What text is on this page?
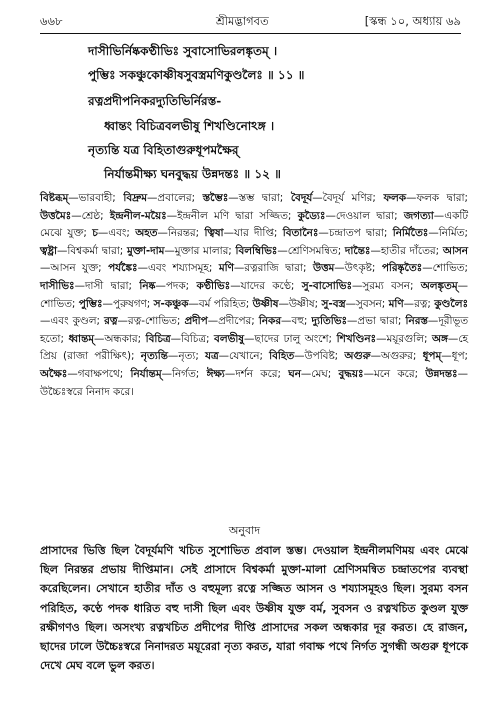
৬৬৮	শ্রীমদ্ভাগবত	[স্কন্ধ ১০, অধ্যায় ৬৯
দাসীভির্নিষ্ককণ্ঠীভিঃ সুবাসোভিরলঙ্কৃতম্ ।
পুম্ভিঃ সকঞ্চুকোষ্ণীষসুবস্ত্রমণিকুণ্ডলৈঃ ॥ ১১ ॥
রত্নপ্রদীপনিকরদ্যুতিভির্নিরস্ত-
ধ্বান্তং বিচিত্রবলভীষু শিখণ্ডিনোঽঙ্গ ।
নৃত্যন্তি যত্র বিহিতাগুরুধূপমক্ষৈর্
নির্যান্তমীক্ষ্য ঘনবুদ্ধয় উন্নদন্তঃ ॥ ১২ ॥
বিষ্টব্ধম্—ভারবাহী; বিদ্রুম—প্রবালের; স্তম্ভৈঃ—স্তম্ভ দ্বারা; বৈদূর্য—বৈদূর্য মণির; ফলক—ফলক দ্বারা; উত্তমৈঃ—শ্রেষ্ঠ; ইন্দ্রনীল-ময়ৈঃ—ইন্দ্রনীল মণি দ্বারা সজ্জিত; কুড্যৈঃ—দেওয়াল দ্বারা; জগত্যা—একটি মেঝে যুক্ত; চ—এবং; অহত—নিরন্তর; ত্বিষা—যার দীপ্তি; বিতানৈঃ—চন্দ্রাতপ দ্বারা; নির্মিতৈঃ—নির্মিত; ত্বষ্ট্রা—বিশ্বকর্মা দ্বারা; মুক্তা-দাম—মুক্তার মালার; বিলম্বিভিঃ—শ্রেণিসমন্বিত; দান্তৈঃ—হাতীর দাঁতের; আসন—আসন যুক্ত; পর্যঙ্কৈঃ—এবং শয্যাসমূহ; মণি—রত্নরাজি দ্বারা; উত্তম—উৎকৃষ্ট; পরিষ্কৃতৈঃ—শোভিত; দাসীভিঃ—দাসী দ্বারা; নিষ্ক—পদক; কণ্ঠীভিঃ—যাদের কণ্ঠে; সু-বাসোভিঃ—সুরম্য বসন; অলঙ্কৃতম্—শোভিত; পুম্ভিঃ—পুরুষগণ; স-কঞ্চুক—বর্ম পরিহিত; উষ্ণীষ—উষ্ণীষ; সু-বস্ত্র—সুবসন; মণি—রত্ন; কুণ্ডলৈঃ—এবং কুণ্ডল; রত্ন—রত্ন-শোভিত; প্রদীপ—প্রদীপের; নিকর—বহু; দ্যুতিভিঃ—প্রভা দ্বারা; নিরস্ত—দূরীভূত হতো; ধ্বান্তম্—অন্ধকার; বিচিত্র—বিচিত্র; বলভীষু—ছাদের ঢালু অংশে; শিখণ্ডিনঃ—ময়ূরগুলি; অঙ্গ—হে প্রিয় (রাজা পরীক্ষিৎ); নৃত্যন্তি—নৃত্য; যত্র—যেখানে; বিহিত—উপবিষ্ট; অগুরু—অগুরুর; ধূপম্—ধূপ; অক্ষৈঃ—গবাক্ষপথে; নির্যান্তম্—নির্গত; ঈক্ষ্য—দর্শন করে; ঘন—মেঘ; বুদ্ধয়ঃ—মনে করে; উন্নদন্তঃ—উচ্চৈঃস্বরে নিনাদ করে।
অনুবাদ
প্রাসাদের ভিত্তি ছিল বৈদূর্যমণি খচিত সুশোভিত প্রবাল স্তম্ভ। দেওয়াল ইন্দ্রনীলমণিময় এবং মেঝে ছিল নিরন্তর প্রভায় দীপ্তিমান। সেই প্রাসাদে বিশ্বকর্মা মুক্তা-মালা শ্রেণিসমন্বিত চন্দ্রাতপের ব্যবস্থা করেছিলেন। সেখানে হাতীর দাঁত ও বহুমূল্য রত্নে সজ্জিত আসন ও শয্যাসমূহও ছিল। সুরম্য বসন পরিহিত, কণ্ঠে পদক ধারিত বহু দাসী ছিল এবং উষ্ণীষ যুক্ত বর্ম, সুবসন ও রত্নখচিত কুণ্ডল যুক্ত রক্ষীগণও ছিল। অসংখ্য রত্নখচিত প্রদীপের দীপ্তি প্রাসাদের সকল অন্ধকার দূর করত। হে রাজন, ছাদের ঢালে উচ্চৈঃস্বরে নিনাদরত ময়ূরেরা নৃত্য করত, যারা গবাক্ষ পথে নির্গত সুগন্ধী অগুরু ধূপকে দেখে মেঘ বলে ভুল করত।
